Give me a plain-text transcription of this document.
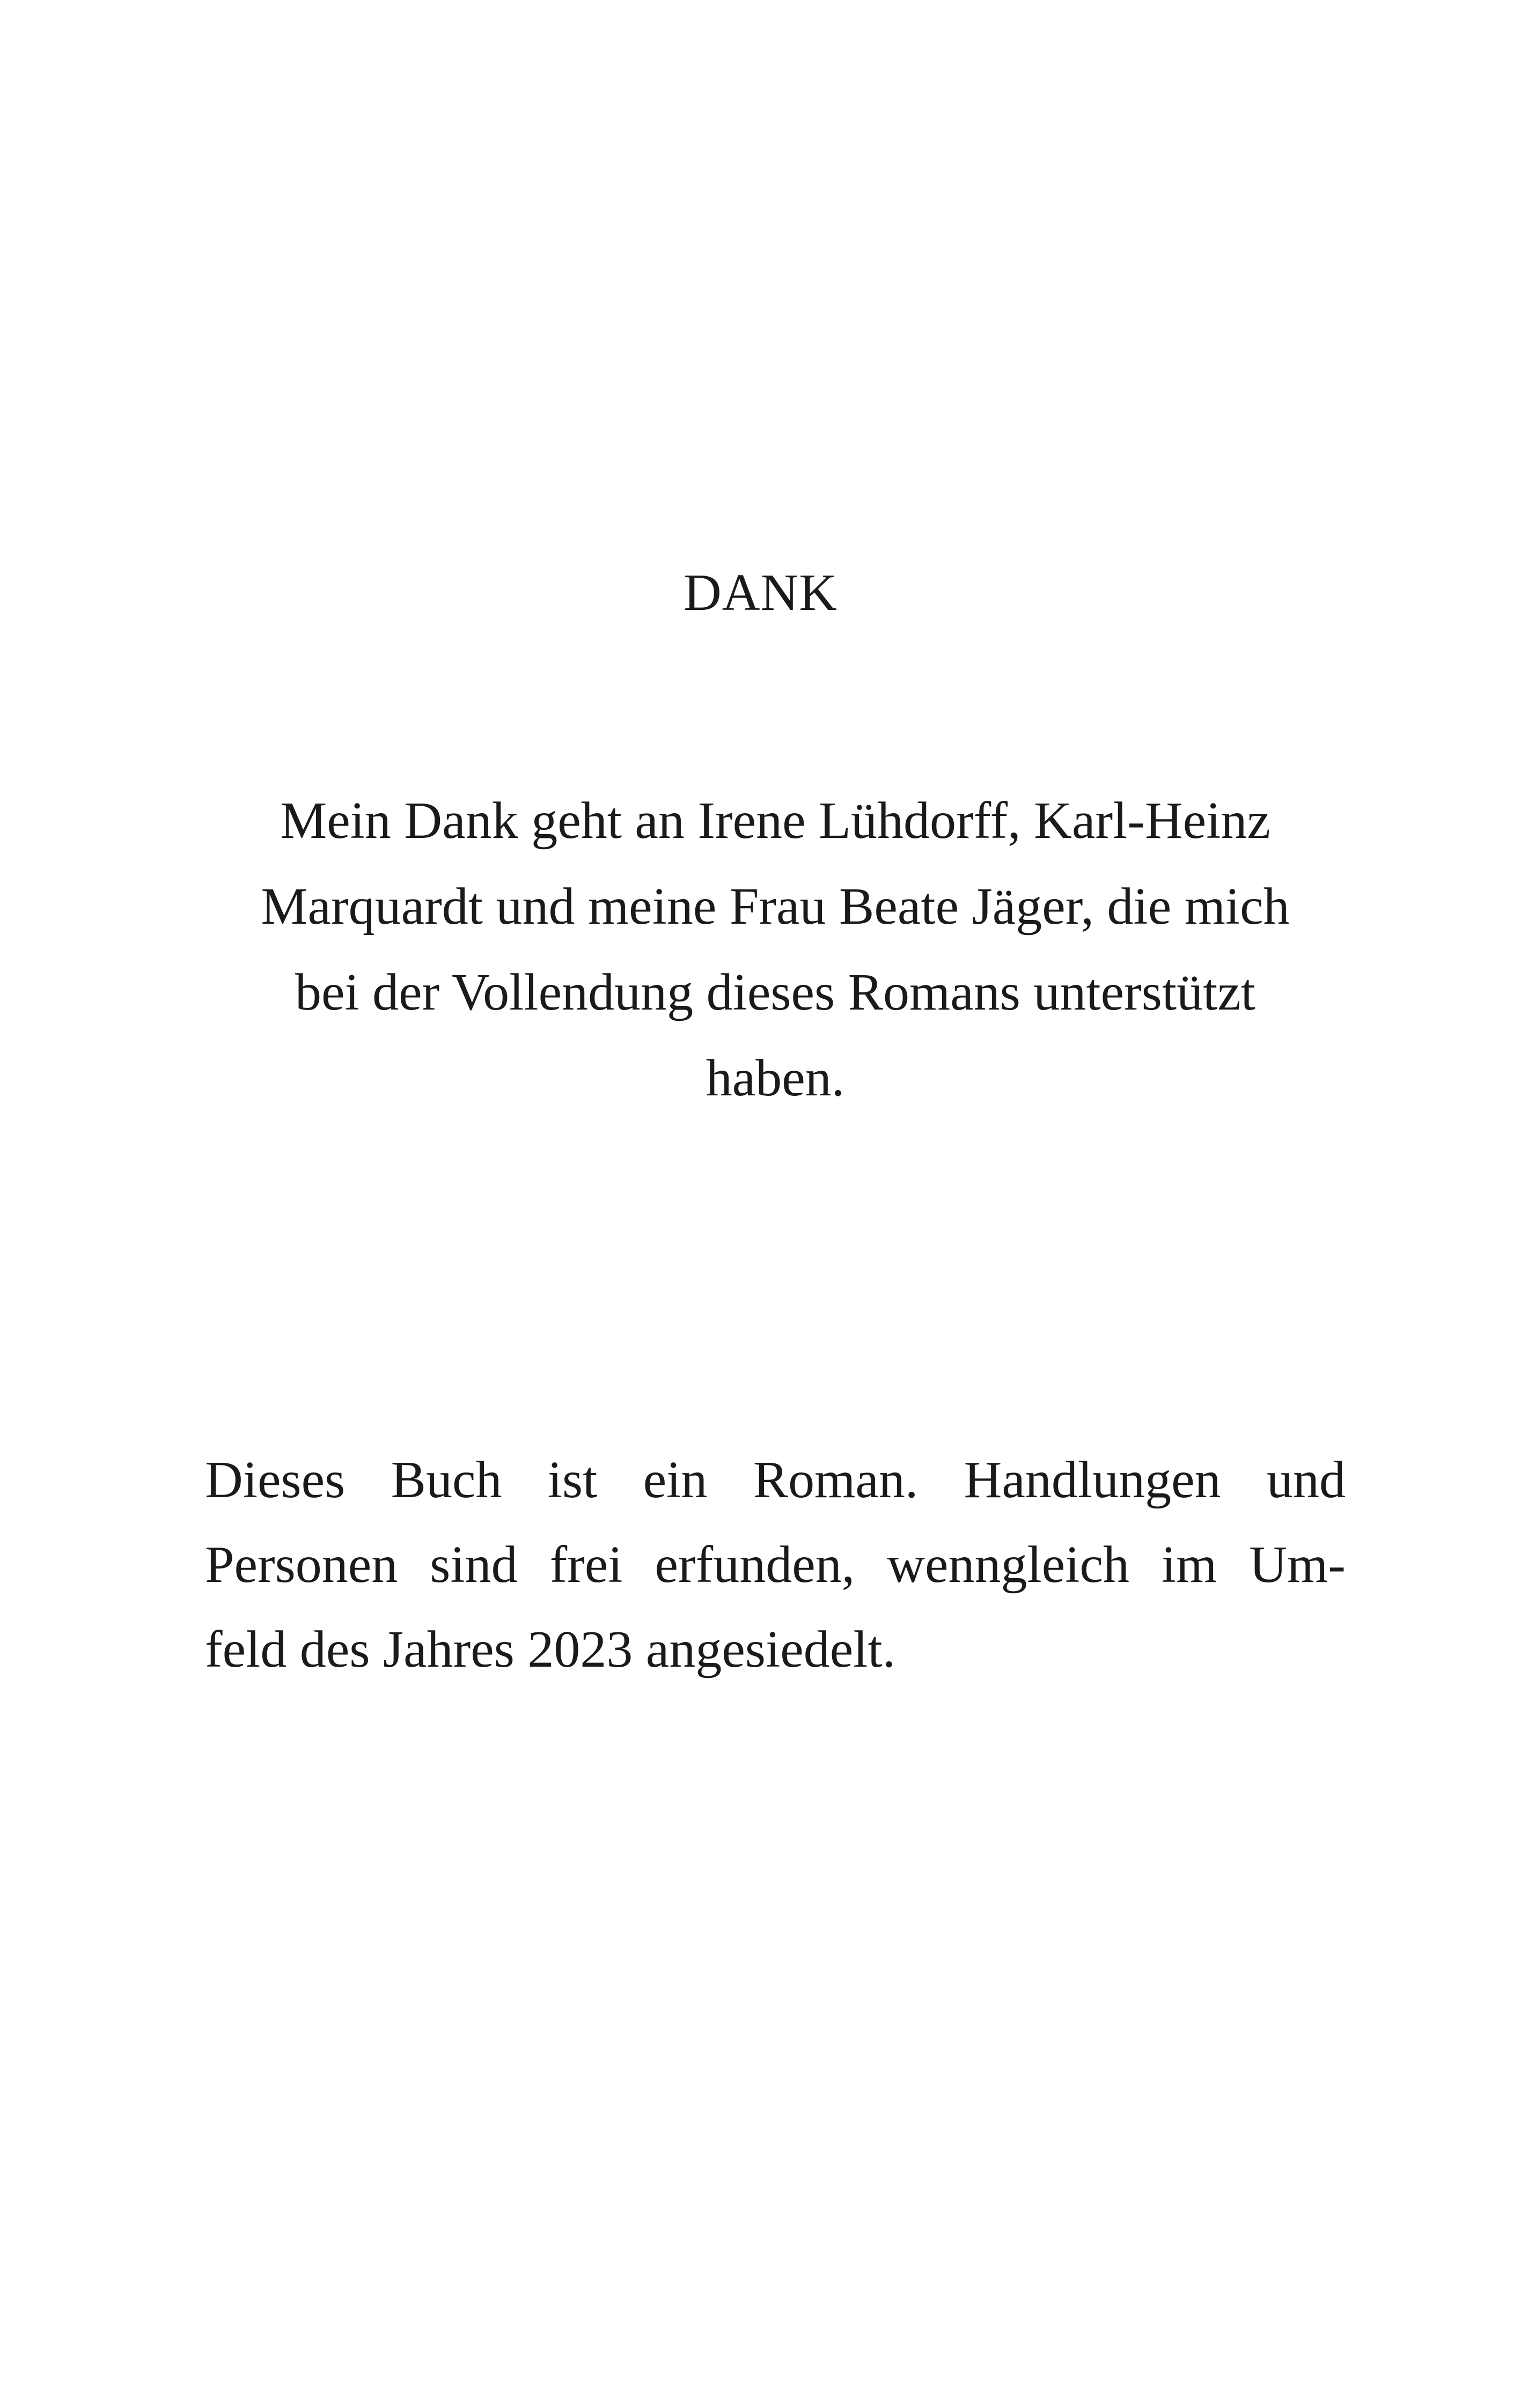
DANK
Mein Dank geht an Irene Lühdorff, Karl-Heinz
Marquardt und meine Frau Beate Jäger, die mich
bei der Vollendung dieses Romans unterstützt
haben.
Dieses Buch ist ein Roman. Handlungen und
Personen sind frei erfunden, wenngleich im Um-
feld des Jahres 2023 angesiedelt.
